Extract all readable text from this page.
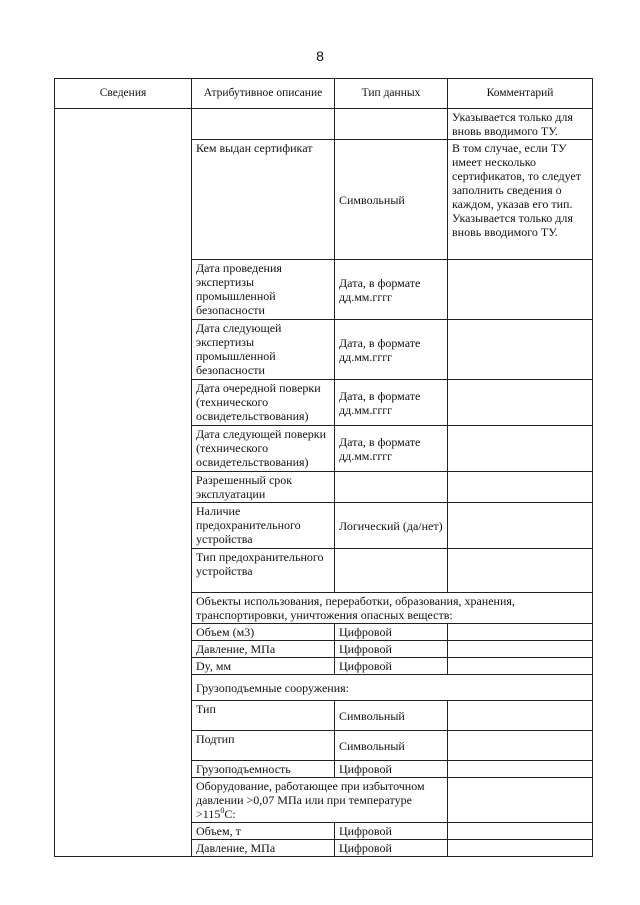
8
Сведения	Атрибутивное описание	Тип данных	Комментарий
			Указывается только для вновь вводимого ТУ.
	Кем выдан сертификат	Символьный	В том случае, если ТУ имеет несколько сертификатов, то следует заполнить сведения о каждом, указав его тип. Указывается только для вновь вводимого ТУ.
	Дата проведения экспертизы промышленной безопасности	Дата, в формате дд.мм.гггг	
	Дата следующей экспертизы промышленной безопасности	Дата, в формате дд.мм.гггг	
	Дата очередной поверки (технического освидетельствования)	Дата, в формате дд.мм.гггг	
	Дата следующей поверки (технического освидетельствования)	Дата, в формате дд.мм.гггг	
	Разрешенный срок эксплуатации		
	Наличие предохранительного устройства	Логический (да/нет)	
	Тип предохранительного устройства		
	Объекты использования, переработки, образования, хранения, транспортировки, уничтожения опасных веществ:		
	Объем (м3)	Цифровой	
	Давление, МПа	Цифровой	
	Dy, мм	Цифровой	
	Грузоподъемные сооружения:		
	Тип	Символьный	
	Подтип	Символьный	
	Грузоподъемность	Цифровой	
	Оборудование, работающее при избыточном давлении >0,07 МПа или при температуре $>115^0С$:		
	Объем, т	Цифровой	
	Давление, МПа	Цифровой	
